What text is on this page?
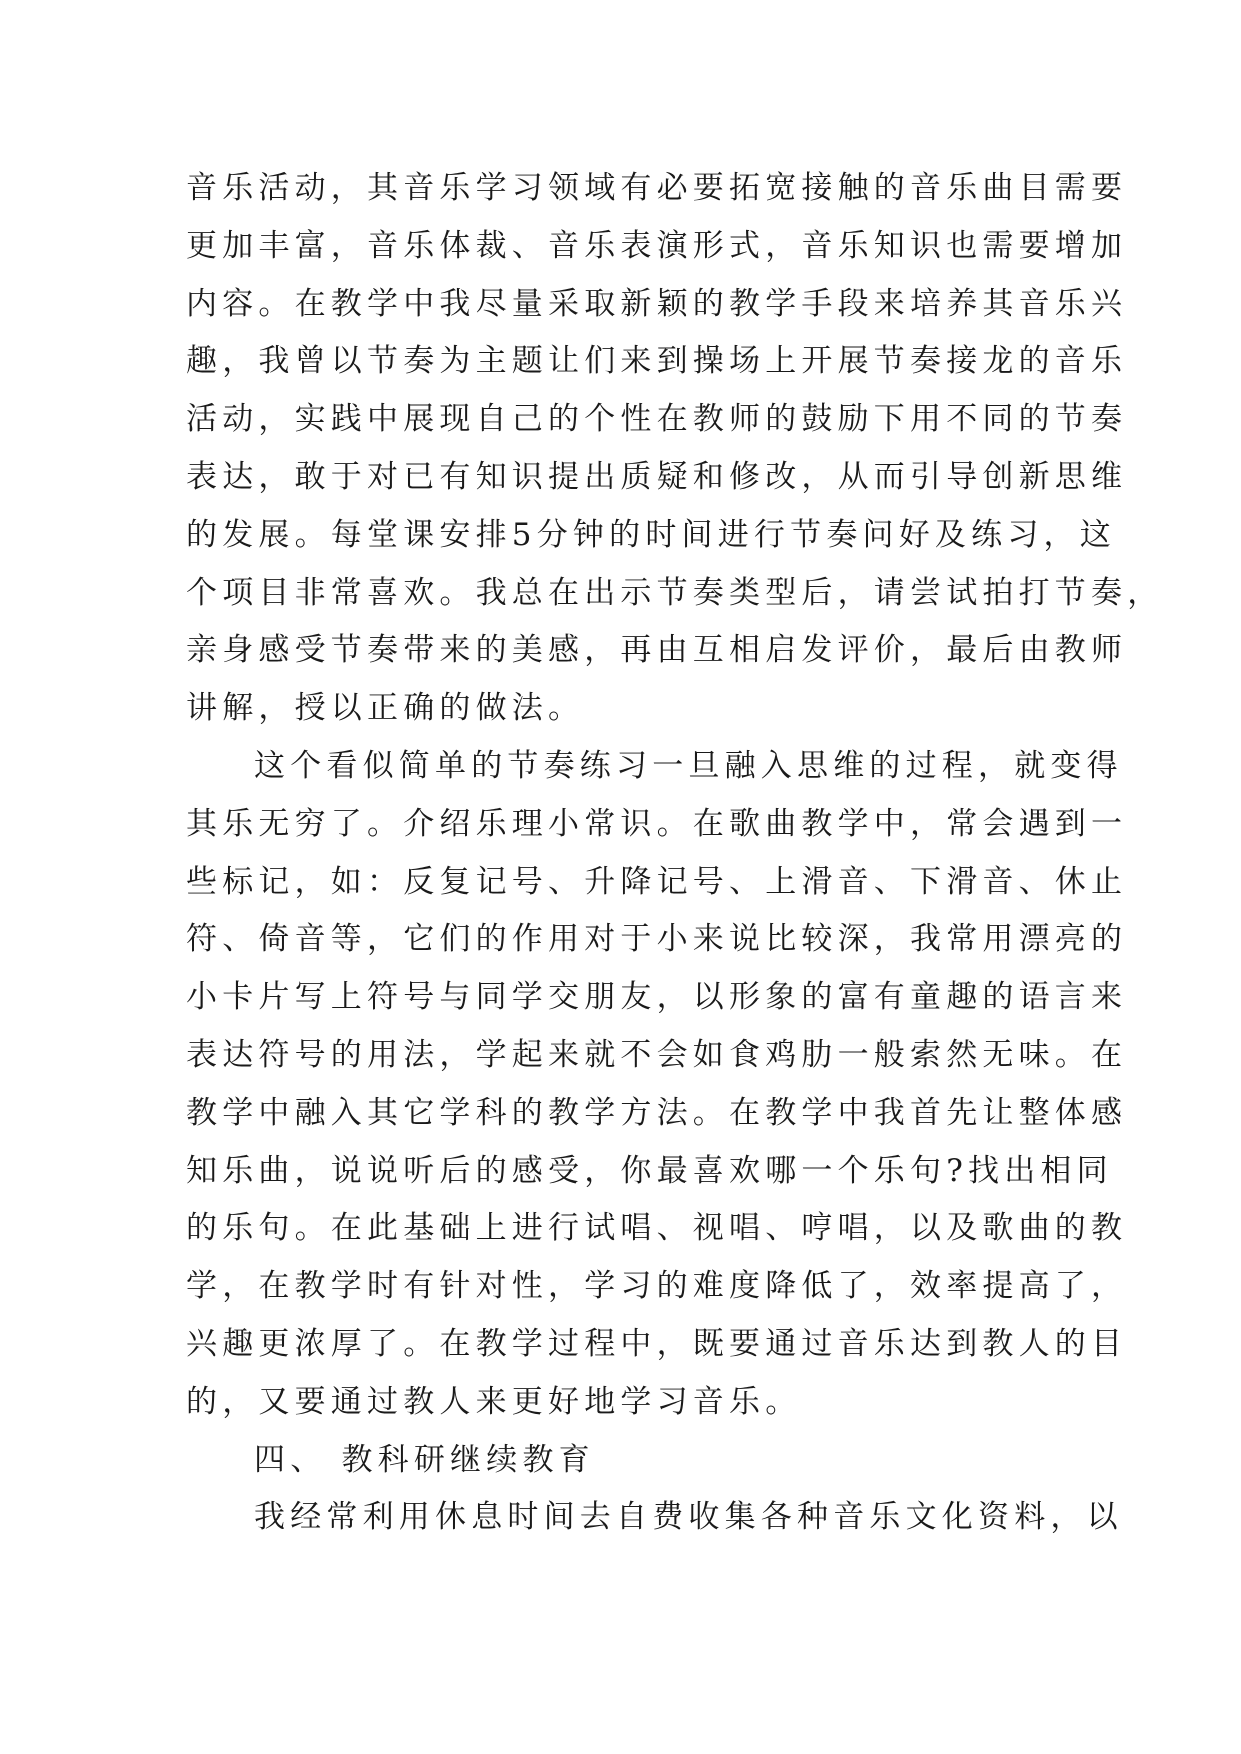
音乐活动，其音乐学习领域有必要拓宽接触的音乐曲目需要
更加丰富，音乐体裁、音乐表演形式，音乐知识也需要增加
内容。在教学中我尽量采取新颖的教学手段来培养其音乐兴
趣，我曾以节奏为主题让们来到操场上开展节奏接龙的音乐
活动，实践中展现自己的个性在教师的鼓励下用不同的节奏
表达，敢于对已有知识提出质疑和修改，从而引导创新思维
的发展。每堂课安排5分钟的时间进行节奏问好及练习，这
个项目非常喜欢。我总在出示节奏类型后，请尝试拍打节奏，
亲身感受节奏带来的美感，再由互相启发评价，最后由教师
讲解，授以正确的做法。
这个看似简单的节奏练习一旦融入思维的过程，就变得
其乐无穷了。介绍乐理小常识。在歌曲教学中，常会遇到一
些标记，如：反复记号、升降记号、上滑音、下滑音、休止
符、倚音等，它们的作用对于小来说比较深，我常用漂亮的
小卡片写上符号与同学交朋友，以形象的富有童趣的语言来
表达符号的用法，学起来就不会如食鸡肋一般索然无味。在
教学中融入其它学科的教学方法。在教学中我首先让整体感
知乐曲，说说听后的感受，你最喜欢哪一个乐句?找出相同
的乐句。在此基础上进行试唱、视唱、哼唱，以及歌曲的教
学，在教学时有针对性，学习的难度降低了，效率提高了，
兴趣更浓厚了。在教学过程中，既要通过音乐达到教人的目
的，又要通过教人来更好地学习音乐。
四、 教科研继续教育
我经常利用休息时间去自费收集各种音乐文化资料，以
